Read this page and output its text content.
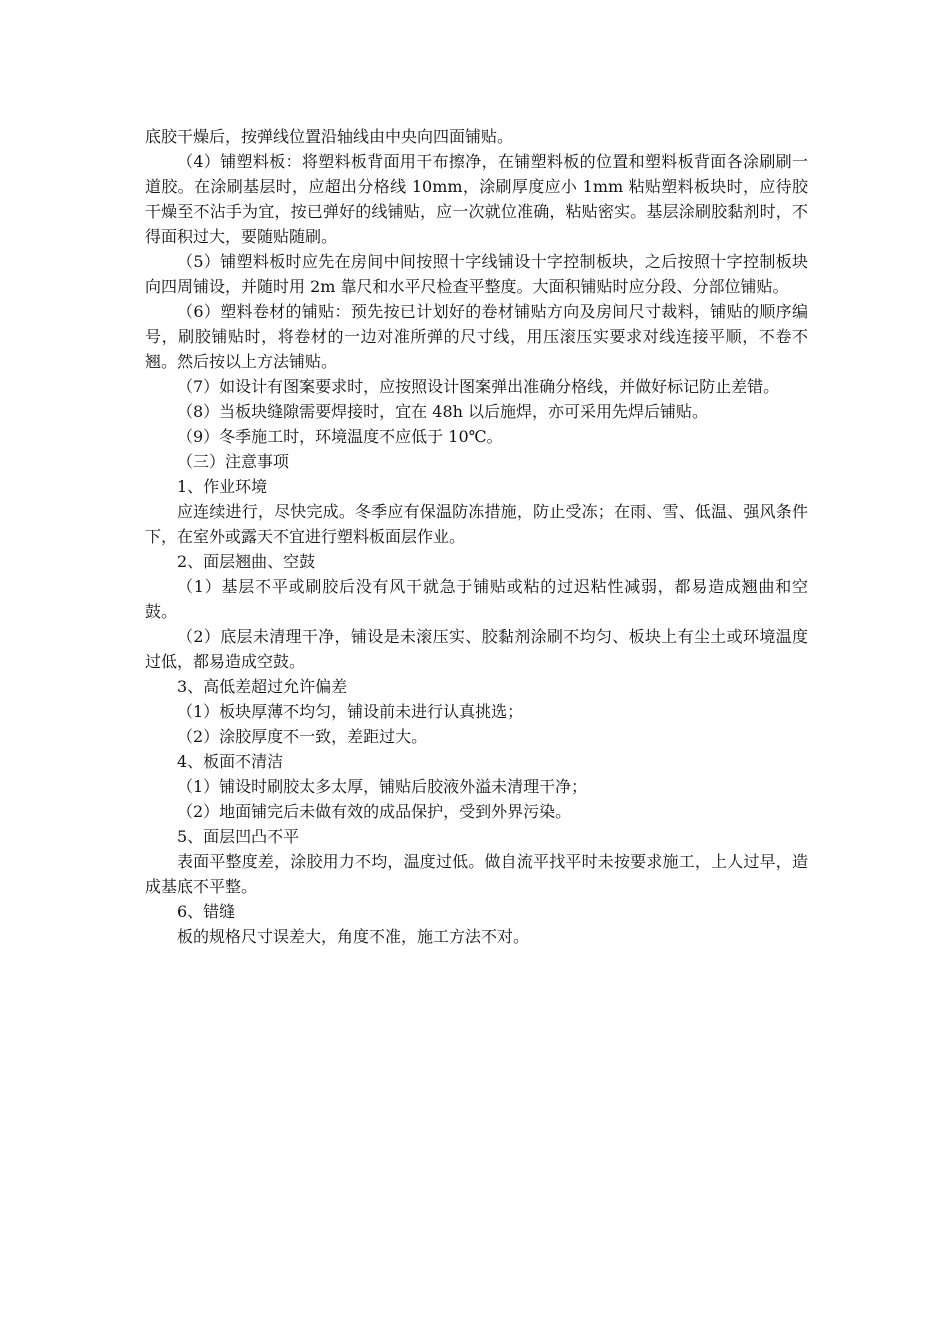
底胶干燥后，按弹线位置沿轴线由中央向四面铺贴。

（4）铺塑料板：将塑料板背面用干布擦净，在铺塑料板的位置和塑料板背面各涂刷刷一道胶。在涂刷基层时，应超出分格线 10mm，涂刷厚度应小 1mm 粘贴塑料板块时，应待胶干燥至不沾手为宜，按已弹好的线铺贴，应一次就位准确，粘贴密实。基层涂刷胶黏剂时，不得面积过大，要随贴随刷。

（5）铺塑料板时应先在房间中间按照十字线铺设十字控制板块，之后按照十字控制板块向四周铺设，并随时用 2m 靠尺和水平尺检查平整度。大面积铺贴时应分段、分部位铺贴。

（6）塑料卷材的铺贴：预先按已计划好的卷材铺贴方向及房间尺寸裁料，铺贴的顺序编号，刷胶铺贴时，将卷材的一边对准所弹的尺寸线，用压滚压实要求对线连接平顺，不卷不翘。然后按以上方法铺贴。

（7）如设计有图案要求时，应按照设计图案弹出准确分格线，并做好标记防止差错。

（8）当板块缝隙需要焊接时，宜在 48h 以后施焊，亦可采用先焊后铺贴。

（9）冬季施工时，环境温度不应低于 10℃。

（三）注意事项

1、作业环境

应连续进行，尽快完成。冬季应有保温防冻措施，防止受冻；在雨、雪、低温、强风条件下，在室外或露天不宜进行塑料板面层作业。

2、面层翘曲、空鼓

（1）基层不平或刷胶后没有风干就急于铺贴或粘的过迟粘性减弱，都易造成翘曲和空鼓。

（2）底层未清理干净，铺设是未滚压实、胶黏剂涂刷不均匀、板块上有尘土或环境温度过低，都易造成空鼓。

3、高低差超过允许偏差

（1）板块厚薄不均匀，铺设前未进行认真挑选；

（2）涂胶厚度不一致，差距过大。

4、板面不清洁

（1）铺设时刷胶太多太厚，铺贴后胶液外溢未清理干净；

（2）地面铺完后未做有效的成品保护，受到外界污染。

5、面层凹凸不平

表面平整度差，涂胶用力不均，温度过低。做自流平找平时未按要求施工，上人过早，造成基底不平整。

6、错缝

板的规格尺寸误差大，角度不准，施工方法不对。
